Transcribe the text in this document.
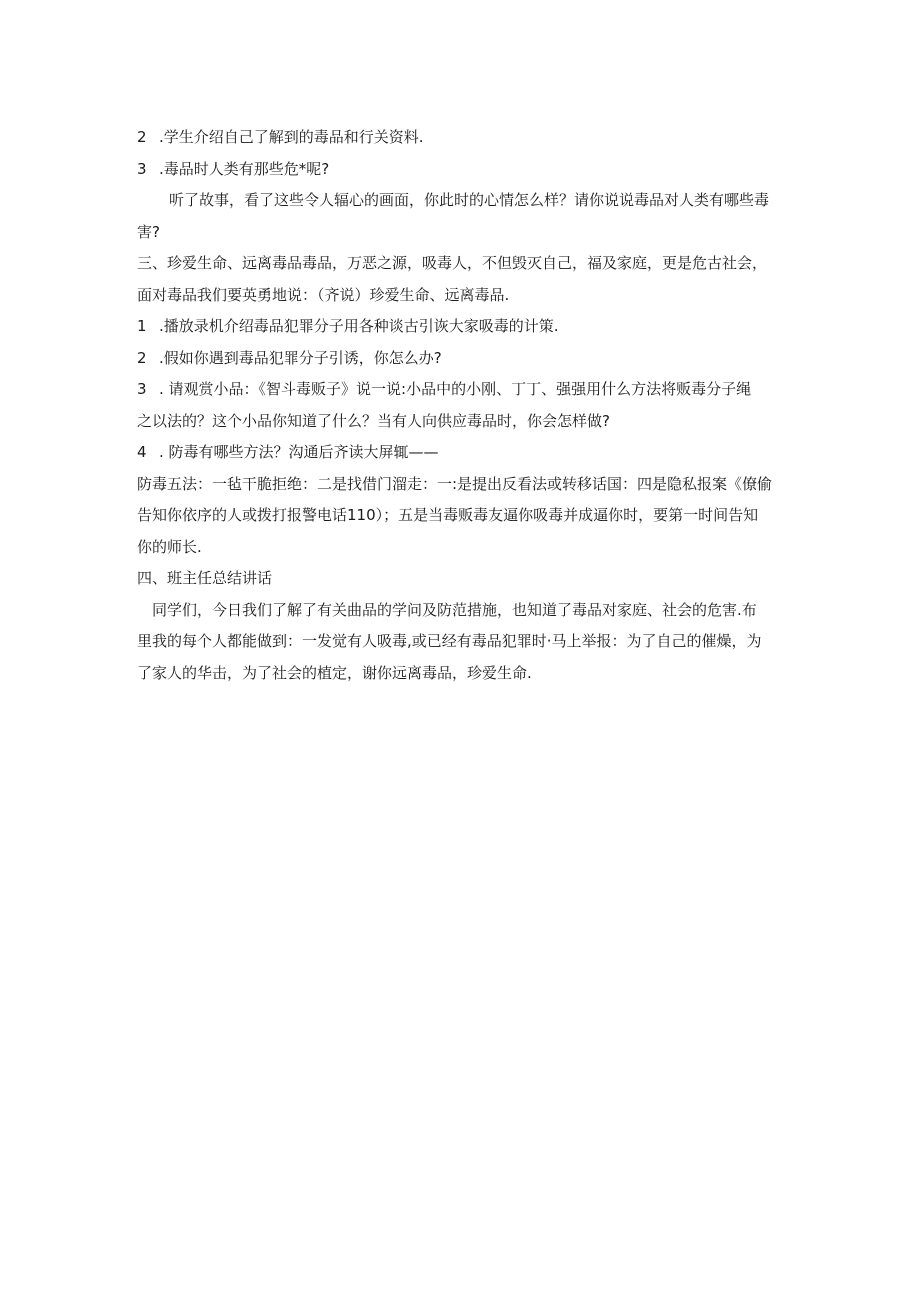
2 .学生介绍自己了解到的毒品和行关资料.
3 .毒品时人类有那些危*呢?
听了故事，看了这些令人辐心的画面，你此时的心情怎么样？请你说说毒品对人类有哪些毒
害?
三、珍爱生命、远离毒品毒品，万恶之源，吸毒人，不但毁灭自己，福及家庭，更是危古社会，
面对毒品我们要英勇地说：（齐说）珍爱生命、远离毒品.
1 .播放录机介绍毒品犯罪分子用各种谈古引诙大家吸毒的计策.
2 .假如你遇到毒品犯罪分子引诱，你怎么办?
3 . 请观赏小品：《智斗毒贩子》说一说:小品中的小刚、丁丁、强强用什么方法将贩毒分子绳
之以法的？这个小品你知道了什么？当有人向供应毒品时，你会怎样做?
4 . 防毒有哪些方法？沟通后齐读大屏辄——
防毒五法：一毡干脆拒绝：二是找借门溜走：一:是提出反看法或转移话国：四是隐私报案《僚偷
告知你依序的人或拨打报警电话110）；五是当毒贩毒友逼你吸毒并成逼你时，要第一时间告知
你的师长.
四、班主任总结讲话
同学们，今日我们了解了有关曲品的学问及防范措施，也知道了毒品对家庭、社会的危害.布
里我的每个人都能做到：一发觉有人吸毒,或已经有毒品犯罪时·马上举报：为了自己的催燥，为
了家人的华击，为了社会的植定，谢你远离毒品，珍爱生命.
